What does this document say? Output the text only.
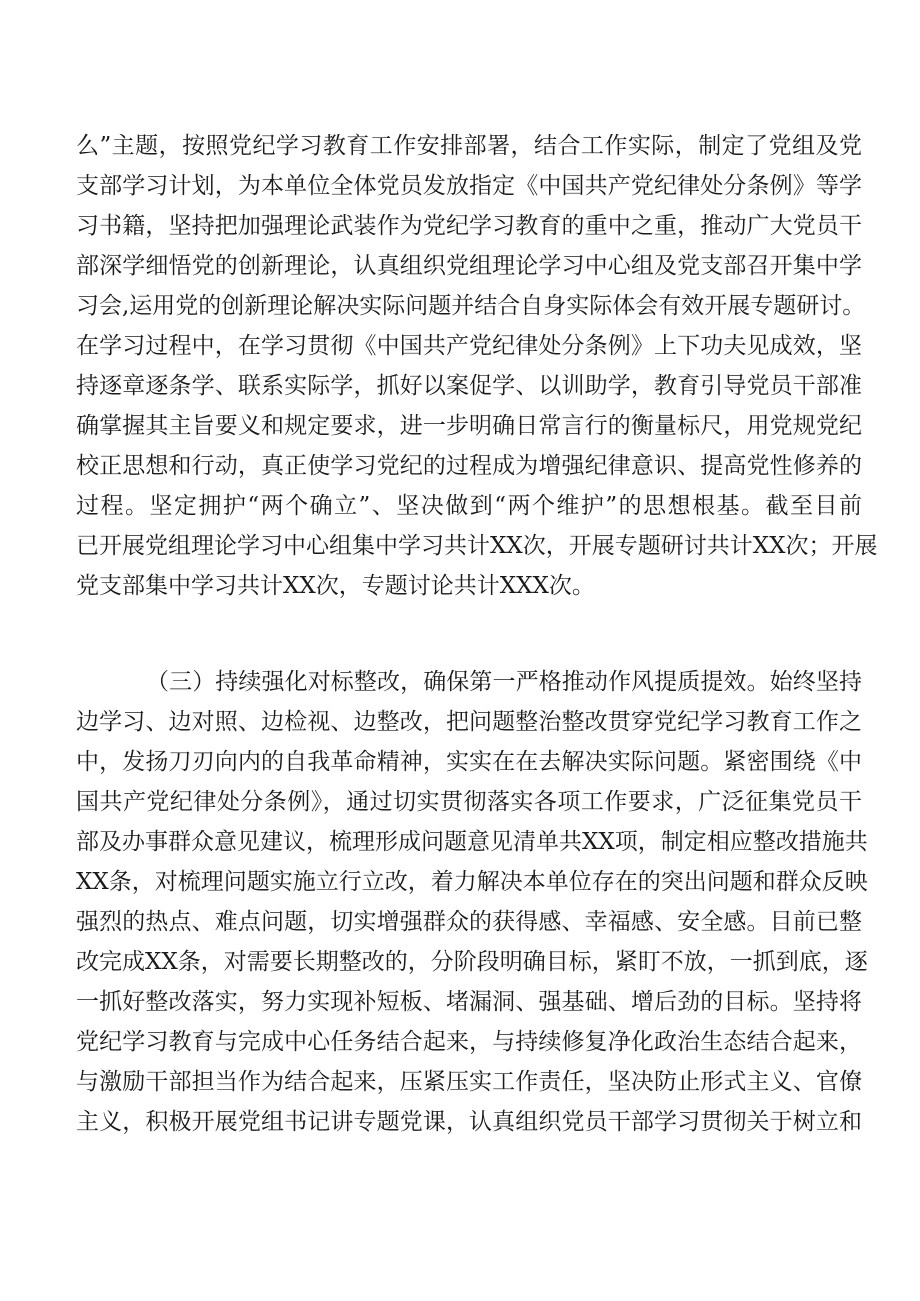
么”主题，按照党纪学习教育工作安排部署，结合工作实际，制定了党组及党
支部学习计划，为本单位全体党员发放指定《中国共产党纪律处分条例》等学
习书籍，坚持把加强理论武装作为党纪学习教育的重中之重，推动广大党员干
部深学细悟党的创新理论，认真组织党组理论学习中心组及党支部召开集中学
习会,运用党的创新理论解决实际问题并结合自身实际体会有效开展专题研讨。
在学习过程中，在学习贯彻《中国共产党纪律处分条例》上下功夫见成效，坚
持逐章逐条学、联系实际学，抓好以案促学、以训助学，教育引导党员干部准
确掌握其主旨要义和规定要求，进一步明确日常言行的衡量标尺，用党规党纪
校正思想和行动，真正使学习党纪的过程成为增强纪律意识、提高党性修养的
过程。坚定拥护“两个确立”、坚决做到“两个维护”的思想根基。截至目前
已开展党组理论学习中心组集中学习共计XX次，开展专题研讨共计XX次；开展
党支部集中学习共计XX次，专题讨论共计XXX次。
（三）持续强化对标整改，确保第一严格推动作风提质提效。始终坚持
边学习、边对照、边检视、边整改，把问题整治整改贯穿党纪学习教育工作之
中，发扬刀刃向内的自我革命精神，实实在在去解决实际问题。紧密围绕《中
国共产党纪律处分条例》，通过切实贯彻落实各项工作要求，广泛征集党员干
部及办事群众意见建议，梳理形成问题意见清单共XX项，制定相应整改措施共
XX条，对梳理问题实施立行立改，着力解决本单位存在的突出问题和群众反映
强烈的热点、难点问题，切实增强群众的获得感、幸福感、安全感。目前已整
改完成XX条，对需要长期整改的，分阶段明确目标，紧盯不放，一抓到底，逐
一抓好整改落实，努力实现补短板、堵漏洞、强基础、增后劲的目标。坚持将
党纪学习教育与完成中心任务结合起来，与持续修复净化政治生态结合起来，
与激励干部担当作为结合起来，压紧压实工作责任，坚决防止形式主义、官僚
主义，积极开展党组书记讲专题党课，认真组织党员干部学习贯彻关于树立和
